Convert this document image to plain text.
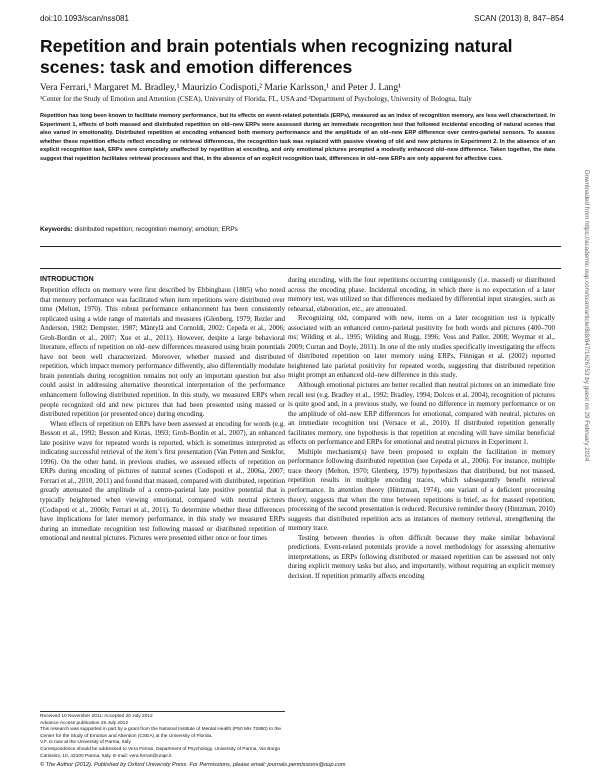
doi:10.1093/scan/nss081	SCAN (2013) 8, 847–854
Repetition and brain potentials when recognizing natural scenes: task and emotion differences
Vera Ferrari,¹ Margaret M. Bradley,¹ Maurizio Codispoti,² Marie Karlsson,¹ and Peter J. Lang¹
¹Center for the Study of Emotion and Attention (CSEA), University of Florida, FL, USA and ²Department of Psychology, University of Bologna, Italy

Repetition has long been known to facilitate memory performance, but its effects on event-related potentials (ERPs), measured as an index of recognition memory, are less well characterized. In Experiment 1, effects of both massed and distributed repetition on old–new ERPs were assessed during an immediate recognition test that followed incidental encoding of natural scenes that also varied in emotionality. Distributed repetition at encoding enhanced both memory performance and the amplitude of an old–new ERP difference over centro-parietal sensors. To assess whether these repetition effects reflect encoding or retrieval differences, the recognition task was replaced with passive viewing of old and new pictures in Experiment 2. In the absence of an explicit recognition task, ERPs were completely unaffected by repetition at encoding, and only emotional pictures prompted a modestly enhanced old–new difference. Taken together, the data suggest that repetition facilitates retrieval processes and that, in the absence of an explicit recognition task, differences in old–new ERPs are only apparent for affective cues.

Keywords: distributed repetition; recognition memory; emotion; ERPs
INTRODUCTION

Repetition effects on memory were first described by Ebbinghaus (1885) who noted that memory performance was facilitated when item repetitions were distributed over time (Melton, 1970). This robust performance enhancement has been consistently replicated using a wide range of materials and measures (Glenberg, 1979; Rezler and Anderson, 1982; Dempster, 1987; Mäntylä and Cornoldi, 2002; Cepeda et al., 2006; Groh-Bordin et al., 2007; Xue et al., 2011). However, despite a large behavioral literature, effects of repetition on old–new differences measured using brain potentials have not been well characterized. Moreover, whether massed and distributed repetition, which impact memory performance differently, also differentially modulate brain potentials during recognition remains not only an important question but also could assist in addressing alternative theoretical interpretation of the performance enhancement following distributed repetition. In this study, we measured ERPs when people recognized old and new pictures that had been presented using massed or distributed repetition (or presented once) during encoding.

When effects of repetition on ERPs have been assessed at encoding for words (e.g. Besson et al., 1992; Besson and Kutas, 1993; Groh-Bordin et al., 2007), an enhanced late positive wave for repeated words is reported, which is sometimes interpreted as indicating successful retrieval of the item’s first presentation (Van Petten and Senkfor, 1996). On the other hand, in previous studies, we assessed effects of repetition on ERPs during encoding of pictures of natural scenes (Codispoti et al., 2006a, 2007; Ferrari et al., 2010, 2011) and found that massed, compared with distributed, repetition greatly attenuated the amplitude of a centro-parietal late positive potential that is typically heightened when viewing emotional, compared with neutral pictures (Codispoti et al., 2006b; Ferrari et al., 2011). To determine whether these differences have implications for later memory performance, in this study we measured ERPs during an immediate recognition test following massed or distributed repetition of emotional and neutral pictures. Pictures were presented either once or four times

during encoding, with the four repetitions occurring contiguously (i.e. massed) or distributed across the encoding phase. Incidental encoding, in which there is no expectation of a later memory test, was utilized so that differences mediated by differential input strategies, such as rehearsal, elaboration, etc., are attenuated.

Recognizing old, compared with new, items on a later recognition test is typically associated with an enhanced centro-parietal positivity for both words and pictures (400–700 ms; Wilding et al., 1995; Wilding and Rugg, 1996; Voss and Paller, 2008; Weymar et al., 2009; Curran and Doyle, 2011). In one of the only studies specifically investigating the effects of distributed repetition on later memory using ERPs, Finnigan et al. (2002) reported heightened late parietal positivity for repeated words, suggesting that distributed repetition might prompt an enhanced old–new difference in this study.

Although emotional pictures are better recalled than neutral pictures on an immediate free recall test (e.g. Bradley et al., 1992; Bradley, 1994; Dolcos et al. 2004), recognition of pictures is quite good and, in a previous study, we found no difference in memory performance or on the amplitude of old–new ERP differences for emotional, compared with neutral, pictures on an immediate recognition test (Versace et al., 2010). If distributed repetition generally facilitates memory, one hypothesis is that repetition at encoding will have similar beneficial effects on performance and ERPs for emotional and neutral pictures in Experiment 1.

Multiple mechanism(s) have been proposed to explain the facilitation in memory performance following distributed repetition (see Cepeda et al., 2006). For instance, multiple trace theory (Melton, 1970; Glenberg, 1979) hypothesizes that distributed, but not massed, repetition results in multiple encoding traces, which subsequently benefit retrieval performance. In attention theory (Hintzman, 1974), one variant of a deficient processing theory, suggests that when the time between repetitions is brief, as for massed repetition, processing of the second presentation is reduced. Recursive reminder theory (Hintzman, 2010) suggests that distributed repetition acts as instances of memory retrieval, strengthening the memory trace.

Testing between theories is often difficult because they make similar behavioral predictions. Event-related potentials provide a novel methodology for assessing alternative interpretations, as ERPs following distributed or massed repetition can be assessed not only during explicit memory tasks but also, and importantly, without requiring an explicit memory decision. If repetition primarily affects encoding

Received 10 November 2011; Accepted 20 July 2012
Advance Access publication 25 July 2012
This research was supported in part by a grant from the National Institute of Mental Health (P50 MH 72850) to the Center for the Study of Emotion and Attention (CSEA) at the University of Florida.
V.F. is now at the University of Parma, Italy.
Correspondence should be addressed to Vera Ferrari, Department of Psychology, University of Parma, Via Borgo Carissimi, 10, 43100 Parma, Italy. E-mail: vera.ferrari@unipr.it
© The Author (2012). Published by Oxford University Press. For Permissions, please email: journals.permissions@oup.com
Downloaded from https://academic.oup.com/scan/article/8/8/847/1626753 by guest on 29 February 2024
